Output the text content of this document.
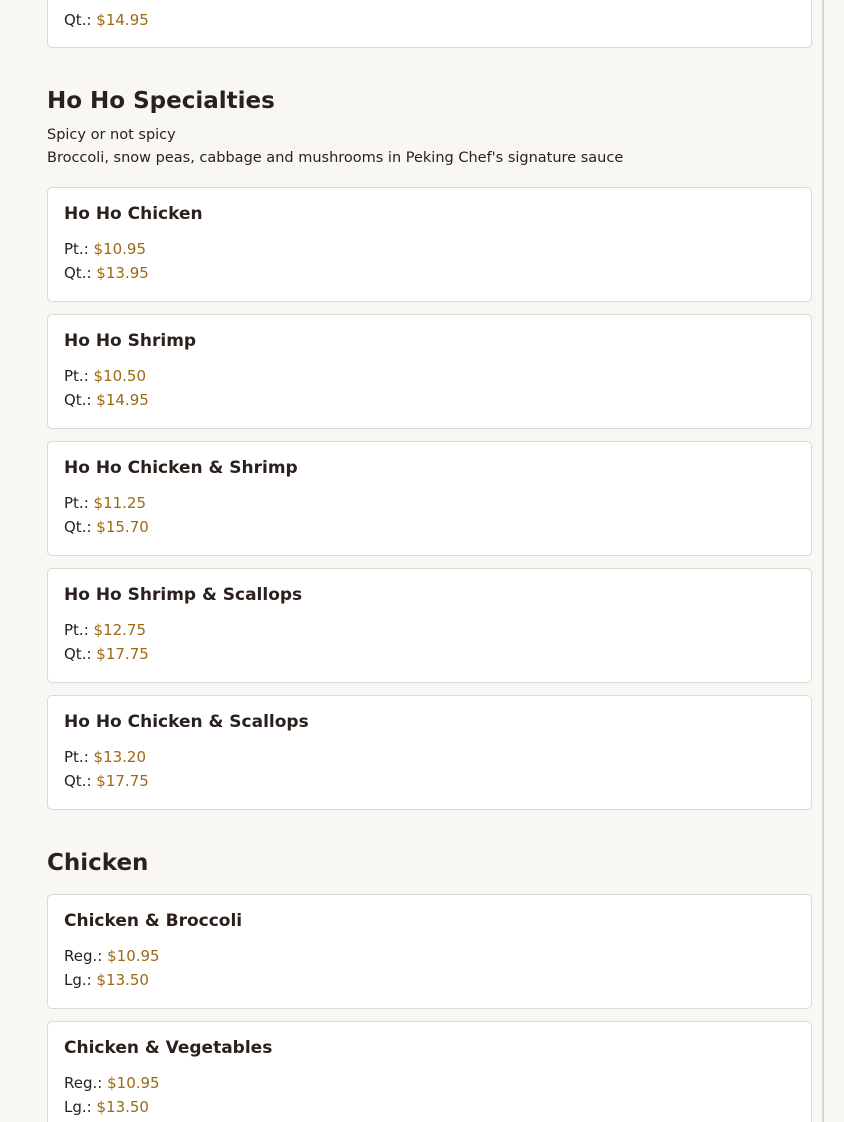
Qt.: $14.95
Ho Ho Specialties
Spicy or not spicy
Broccoli, snow peas, cabbage and mushrooms in Peking Chef's signature sauce
Ho Ho Chicken
Pt.: $10.95
Qt.: $13.95
Ho Ho Shrimp
Pt.: $10.50
Qt.: $14.95
Ho Ho Chicken & Shrimp
Pt.: $11.25
Qt.: $15.70
Ho Ho Shrimp & Scallops
Pt.: $12.75
Qt.: $17.75
Ho Ho Chicken & Scallops
Pt.: $13.20
Qt.: $17.75
Chicken
Chicken & Broccoli
Reg.: $10.95
Lg.: $13.50
Chicken & Vegetables
Reg.: $10.95
Lg.: $13.50
